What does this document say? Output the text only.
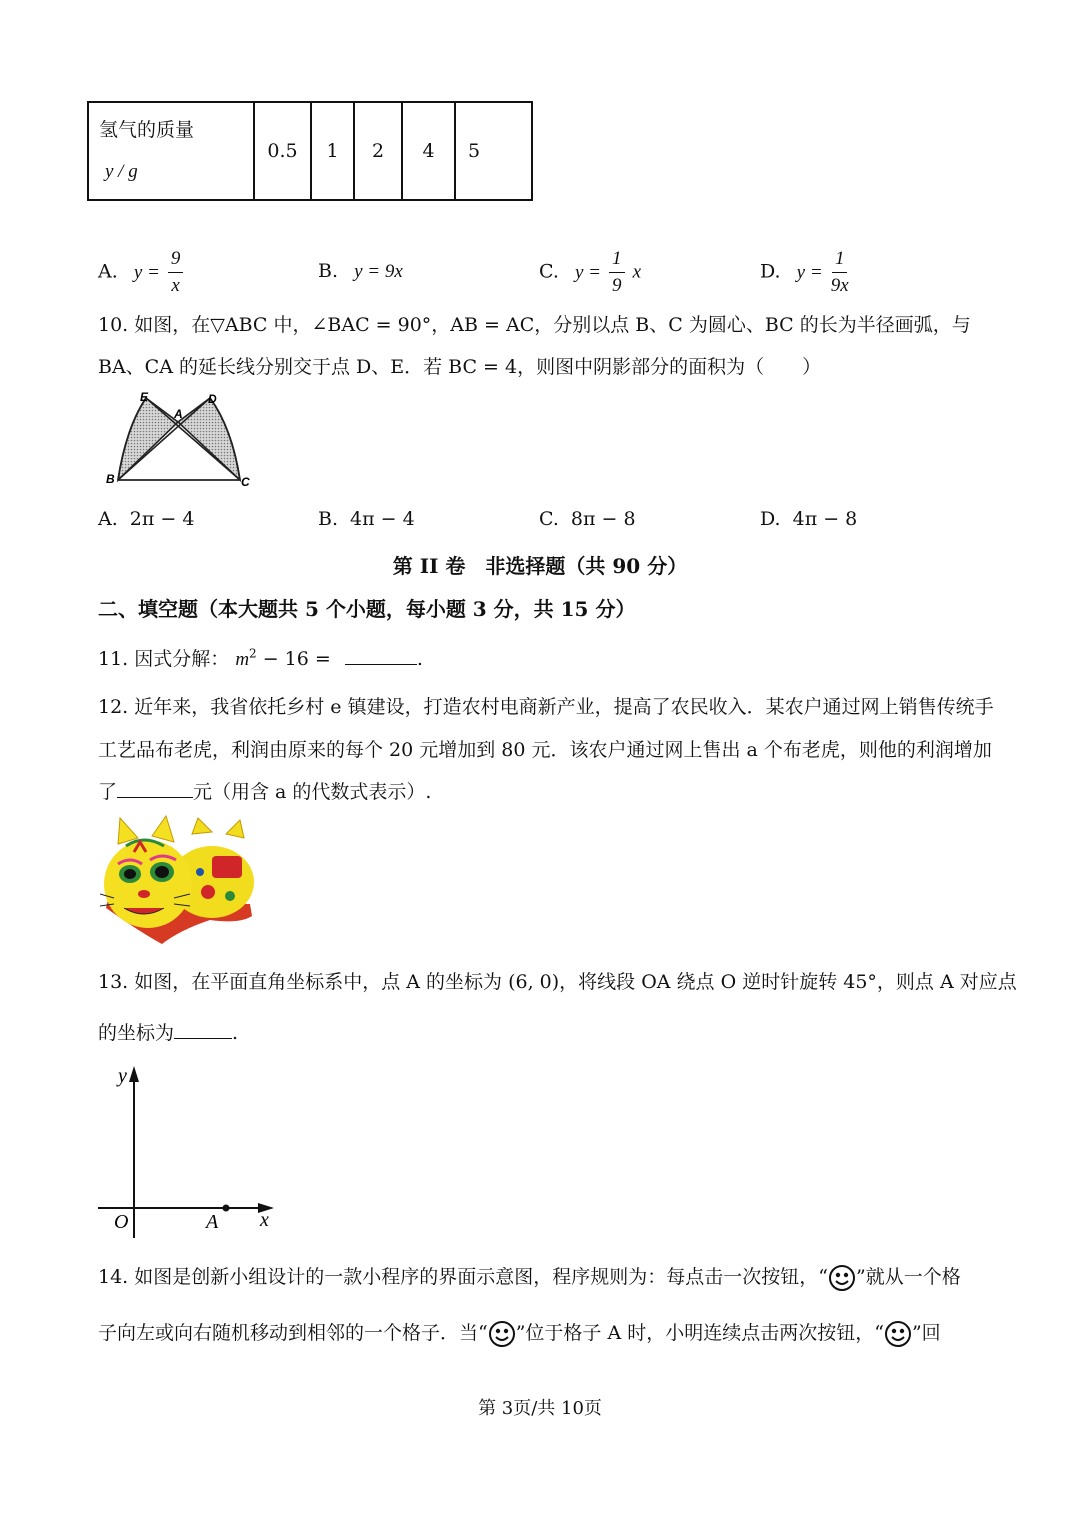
氢气的质量
y / g
	0.5	1	2	4	5
A. $y = \frac{9}{x}$	B. y = 9x	C. $y = \frac{1}{9}$ x	D. $y = \frac{1}{9x}$
10. 如图，在▽ABC 中，∠BAC = 90°，AB = AC，分别以点 B、C 为圆心、BC 的长为半径画弧，与
BA、CA 的延长线分别交于点 D、E．若 BC = 4，则图中阴影部分的面积为（　　）
E
A
D
B	C
A. 2π − 4	B. 4π − 4	C. 8π − 8	D. 4π − 8
第 II 卷　非选择题（共 90 分）
二、填空题（本大题共 5 个小题，每小题 3 分，共 15 分）
11. 因式分解： $m^2 - 16$ =	.
12. 近年来，我省依托乡村 e 镇建设，打造农村电商新产业，提高了农民收入．某农户通过网上销售传统手
工艺品布老虎，利润由原来的每个 20 元增加到 80 元．该农户通过网上售出 a 个布老虎，则他的利润增加
了	元（用含 a 的代数式表示）.
13. 如图，在平面直角坐标系中，点 A 的坐标为 (6, 0)，将线段 OA 绕点 O 逆时针旋转 45°，则点 A 对应点
的坐标为	.
y
x
O	A
14. 如图是创新小组设计的一款小程序的界面示意图，程序规则为：每点击一次按钮，“ ”就从一个格
子向左或向右随机移动到相邻的一个格子．当“ ”位于格子 A 时，小明连续点击两次按钮，“ ”回
第 3页/共 10页
